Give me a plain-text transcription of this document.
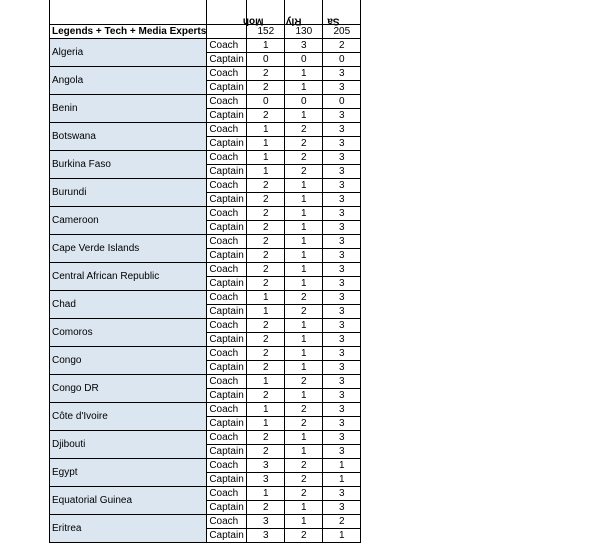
		Moh	Riy	Sa

Legends + Tech + Media Experts		152	130	205
Algeria	Coach	1	3	2
	Captain	0	0	0
Angola	Coach	2	1	3
	Captain	2	1	3
Benin	Coach	0	0	0
	Captain	2	1	3
Botswana	Coach	1	2	3
	Captain	1	2	3
Burkina Faso	Coach	1	2	3
	Captain	1	2	3
Burundi	Coach	2	1	3
	Captain	2	1	3
Cameroon	Coach	2	1	3
	Captain	2	1	3
Cape Verde Islands	Coach	2	1	3
	Captain	2	1	3
Central African Republic	Coach	2	1	3
	Captain	2	1	3
Chad	Coach	1	2	3
	Captain	1	2	3
Comoros	Coach	2	1	3
	Captain	2	1	3
Congo	Coach	2	1	3
	Captain	2	1	3
Congo DR	Coach	1	2	3
	Captain	2	1	3
Côte d'Ivoire	Coach	1	2	3
	Captain	1	2	3
Djibouti	Coach	2	1	3
	Captain	2	1	3
Egypt	Coach	3	2	1
	Captain	3	2	1
Equatorial Guinea	Coach	1	2	3
	Captain	2	1	3
Eritrea	Coach	3	1	2
	Captain	3	2	1
